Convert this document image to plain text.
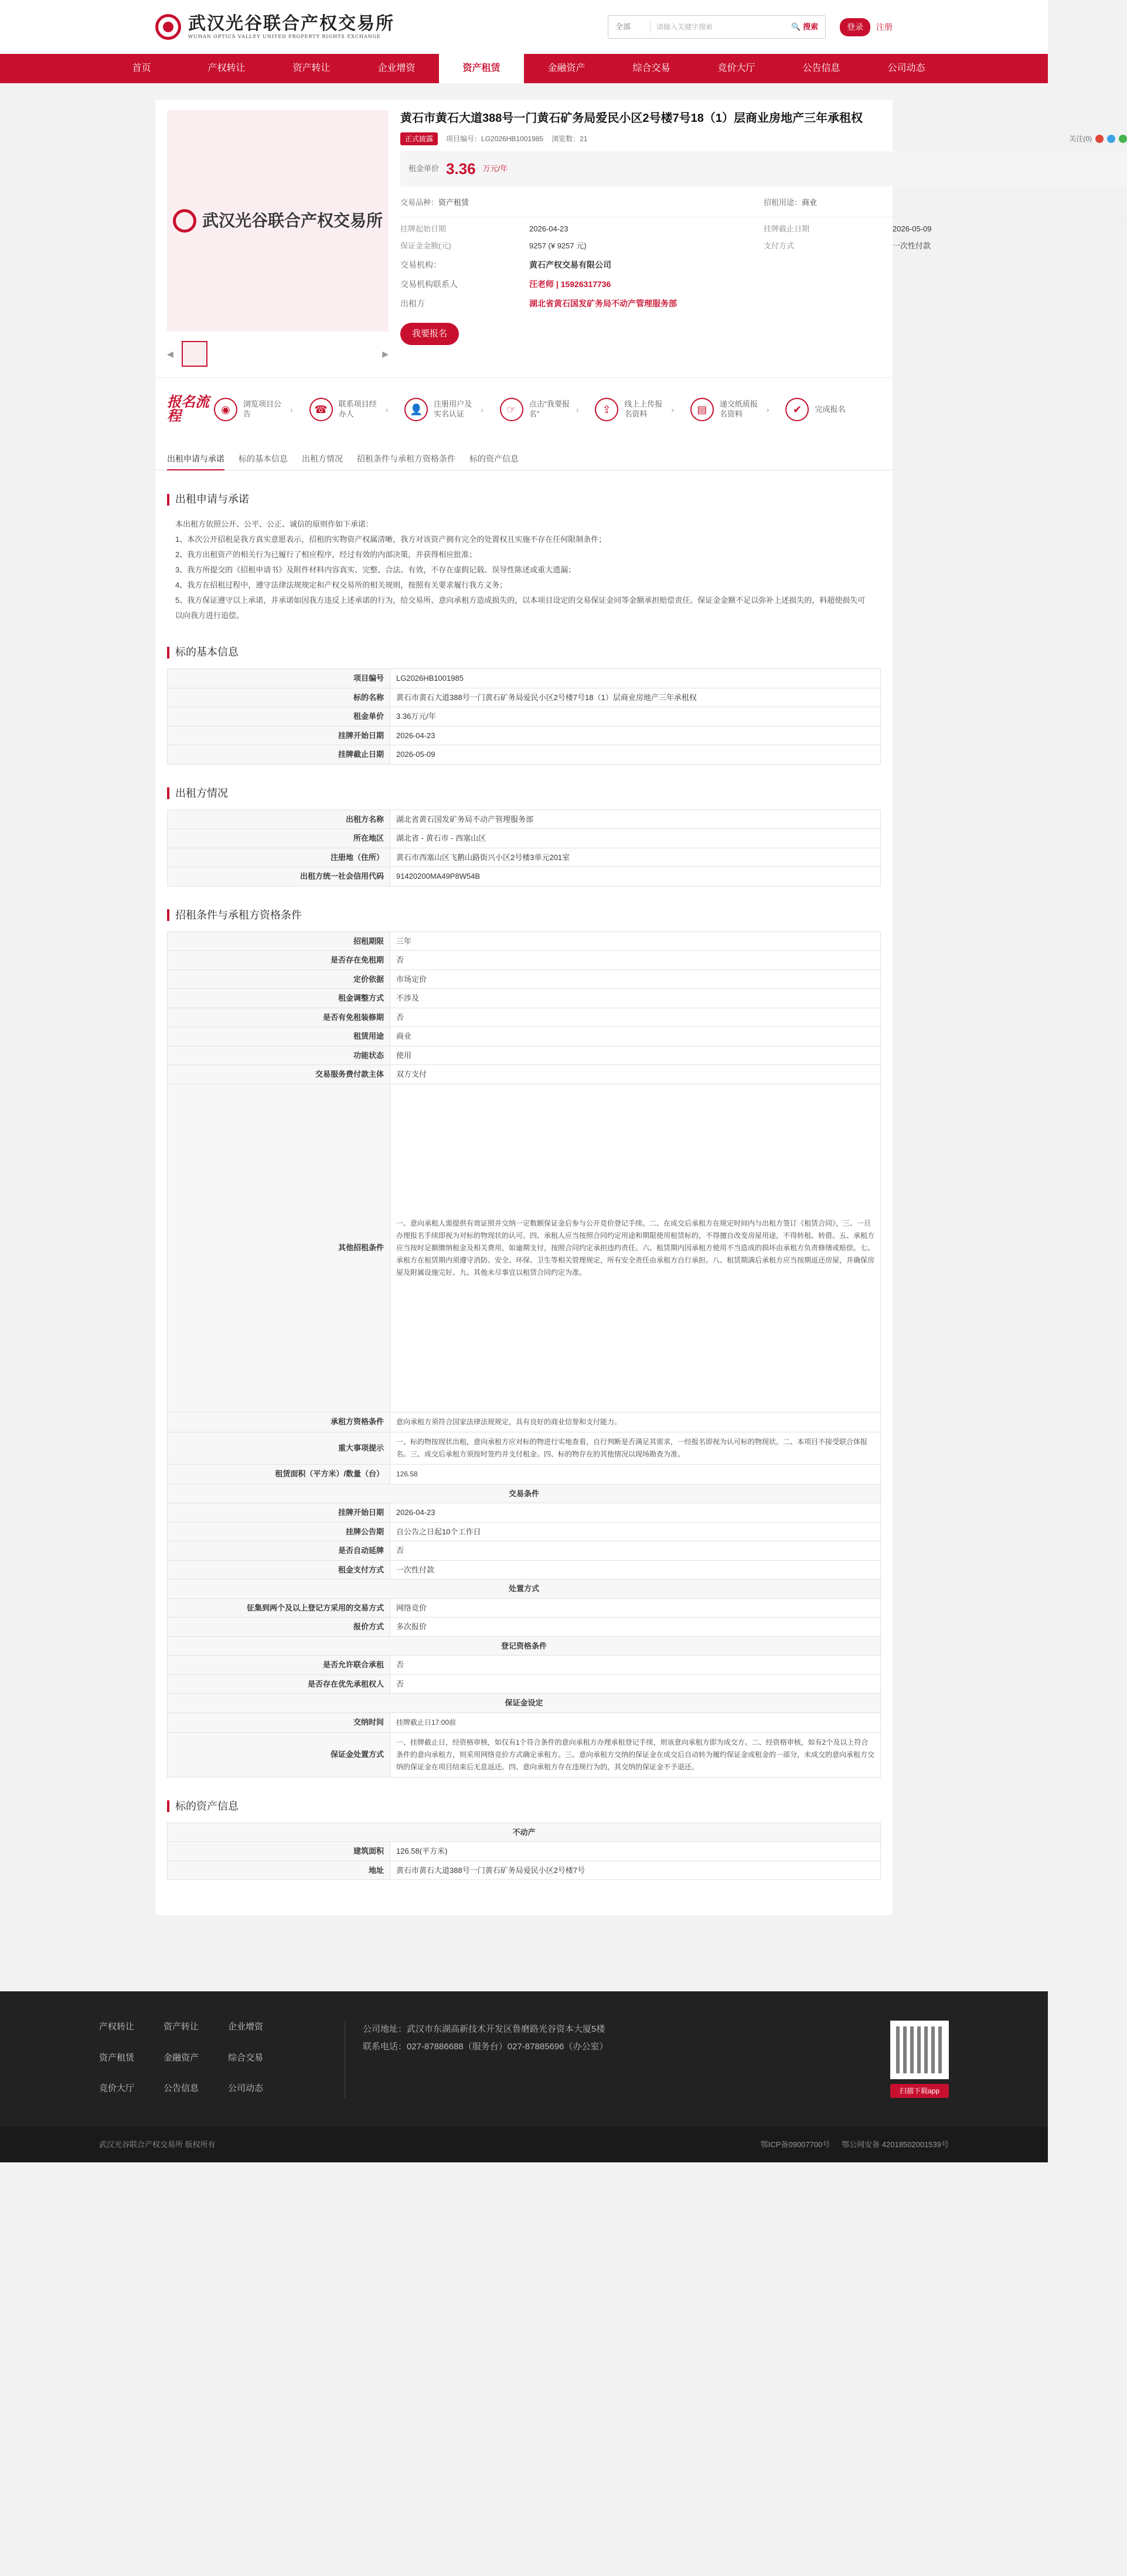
武汉光谷联合产权交易所
WUHAN OPTICS VALLEY UNITED PROPERTY RIGHTS EXCHANGE
全部	请输入关键字搜索	🔍 搜索	登录	注册
首页	产权转让	资产转让	企业增资	资产租赁	金融资产	综合交易	竞价大厅	公告信息	公司动态
武汉光谷联合产权交易所
◀	▶
黄石市黄石大道388号一门黄石矿务局爱民小区2号楼7号18（1）层商业房地产三年承租权
正式披露	项目编号：LG2026HB1001985 浏览数：21	关注(0)
租金单价 3.36 万元/年
交易品种：资产租赁	招租用途：商业
挂牌起始日期	2026-04-23	挂牌截止日期	2026-05-09
保证金金额(元)	9257 (¥ 9257 元)	支付方式	一次性付款
交易机构：	黄石产权交易有限公司
交易机构联系人	汪老师 | 15926317736
出租方	湖北省黄石国发矿务局不动产管理服务部
我要报名
报名流程	◉	浏览项目公告	›	☎	联系项目经办人	›	👤	注册用户及实名认证	›	☞	点击“我要报名”	›	⇪	线上上传报名资料	›	▤	递交纸质报名资料	›	✔	完成报名
出租申请与承诺 标的基本信息 出租方情况 招租条件与承租方资格条件 标的资产信息
出租申请与承诺
本出租方依照公开、公平、公正、诚信的原则作如下承诺：
1、本次公开招租是我方真实意愿表示，招租的实物资产权属清晰，我方对该资产拥有完全的处置权且实施不存在任何限制条件；
2、我方出租资产的相关行为已履行了相应程序，经过有效的内部决策，并获得相应批准；
3、我方所提交的《招租申请书》及附件材料内容真实、完整、合法、有效，不存在虚假记载、误导性陈述或重大遗漏；
4、我方在招租过程中，遵守法律法规规定和产权交易所的相关规则，按照有关要求履行我方义务；
5、我方保证遵守以上承诺，并承诺如因我方违反上述承诺的行为，给交易所、意向承租方造成损失的，以本项目设定的交易保证金同等金额承担赔偿责任。保证金金额不足以弥补上述损失的，料超使损失可以向我方进行追偿。
标的基本信息
项目编号	LG2026HB1001985
标的名称	黄石市黄石大道388号一门黄石矿务局爱民小区2号楼7号18（1）层商业房地产三年承租权
租金单价	3.36万元/年
挂牌开始日期	2026-04-23
挂牌截止日期	2026-05-09
出租方情况
出租方名称	湖北省黄石国发矿务局不动产管理服务部
所在地区	湖北省 - 黄石市 - 西塞山区
注册地（住所）	黄石市西塞山区飞鹅山路街兴小区2号楼3单元201室
出租方统一社会信用代码	91420200MA49P8W54B
招租条件与承租方资格条件
招租期限	三年
是否存在免租期	否
定价依据	市场定价
租金调整方式	不涉及
是否有免租装修期	否
租赁用途	商业
功能状态	使用
交易服务费付款主体	双方支付
其他招租条件	一、意向承租人需提供有效证照并交纳一定数额保证金后参与公开竞价登记手续。二、在成交后承租方在规定时间内与出租方签订《租赁合同》，三、一旦办理报名手续即视为对标的物现状的认可。四、承租人应当按照合同约定用途和期限使用租赁标的，不得擅自改变房屋用途，不得转租、转借。五、承租方应当按时足额缴纳租金及相关费用，如逾期支付，按照合同约定承担违约责任。六、租赁期内因承租方使用不当造成的损坏由承租方负责修缮或赔偿。七、承租方在租赁期内须遵守消防、安全、环保、卫生等相关管理规定，所有安全责任由承租方自行承担。八、租赁期满后承租方应当按期返还房屋，并确保房屋及附属设施完好。九、其他未尽事宜以租赁合同约定为准。
承租方资格条件	意向承租方须符合国家法律法规规定，具有良好的商业信誉和支付能力。
重大事项提示	一、标的物按现状出租，意向承租方应对标的物进行实地查看，自行判断是否满足其需求，一经报名即视为认可标的物现状。二、本项目不接受联合体报名。三、成交后承租方须按时签约并支付租金。四、标的物存在的其他情况以现场勘查为准。
租赁面积（平方米）/数量（台）	126.58
交易条件	
挂牌开始日期	2026-04-23
挂牌公告期	自公告之日起10个工作日
是否自动延牌	否
租金支付方式	一次性付款
处置方式	
征集到两个及以上登记方采用的交易方式	网络竞价
报价方式	多次报价
登记资格条件	
是否允许联合承租	否
是否存在优先承租权人	否
保证金设定	
交纳时间	挂牌截止日17:00前
保证金处置方式	一、挂牌截止日，经资格审核，如仅有1个符合条件的意向承租方办理承租登记手续，则该意向承租方即为成交方。二、经资格审核，如有2个及以上符合条件的意向承租方，则采用网络竞价方式确定承租方。三、意向承租方交纳的保证金在成交后自动转为履约保证金或租金的一部分，未成交的意向承租方交纳的保证金在项目结束后无息返还。四、意向承租方存在违规行为的，其交纳的保证金不予退还。
标的资产信息
不动产	
建筑面积	126.58(平方米)
地址	黄石市黄石大道388号一门黄石矿务局爱民小区2号楼7号
产权转让	资产转让	企业增资
资产租赁	金融资产	综合交易
竞价大厅	公告信息	公司动态
公司地址：武汉市东湖高新技术开发区鲁磨路光谷资本大厦5楼
联系电话：027-87886688（服务台）027-87885696（办公室）
扫描下载app
武汉光谷联合产权交易所 版权所有	鄂ICP备09007700号 鄂公网安备 42018502001539号
